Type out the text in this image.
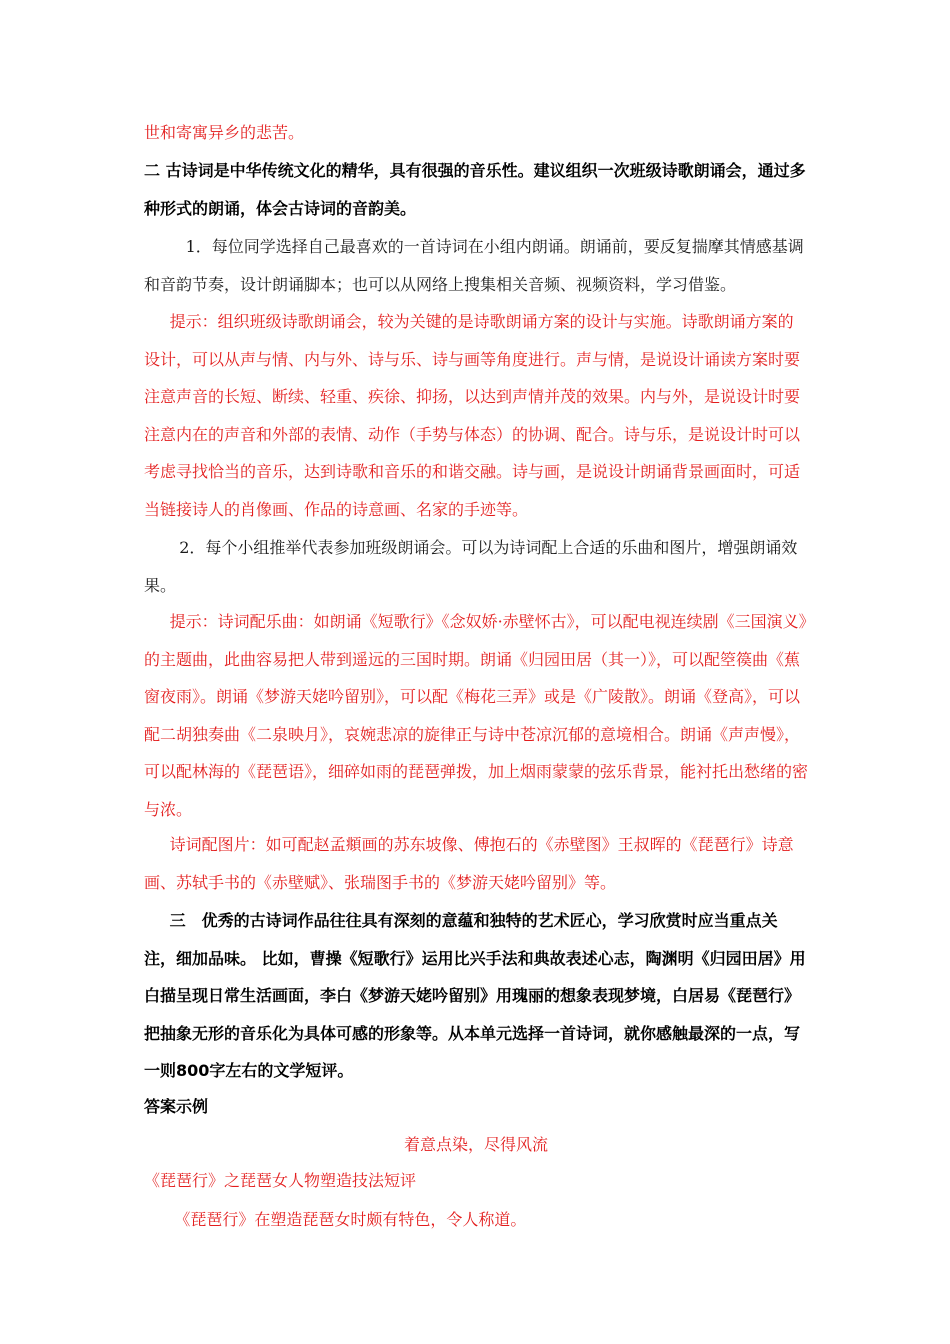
世和寄寓异乡的悲苦。

二 古诗词是中华传统文化的精华，具有很强的音乐性。建议组织一次班级诗歌朗诵会，通过多种形式的朗诵，体会古诗词的音韵美。

1．每位同学选择自己最喜欢的一首诗词在小组内朗诵。朗诵前，要反复揣摩其情感基调和音韵节奏，设计朗诵脚本；也可以从网络上搜集相关音频、视频资料，学习借鉴。

提示：组织班级诗歌朗诵会，较为关键的是诗歌朗诵方案的设计与实施。诗歌朗诵方案的设计，可以从声与情、内与外、诗与乐、诗与画等角度进行。声与情，是说设计诵读方案时要注意声音的长短、断续、轻重、疾徐、抑扬，以达到声情并茂的效果。内与外，是说设计时要注意内在的声音和外部的表情、动作（手势与体态）的协调、配合。诗与乐，是说设计时可以考虑寻找恰当的音乐，达到诗歌和音乐的和谐交融。诗与画，是说设计朗诵背景画面时，可适当链接诗人的肖像画、作品的诗意画、名家的手迹等。

2．每个小组推举代表参加班级朗诵会。可以为诗词配上合适的乐曲和图片，增强朗诵效果。

提示：诗词配乐曲：如朗诵《短歌行》《念奴娇·赤壁怀古》，可以配电视连续剧《三国演义》的主题曲，此曲容易把人带到遥远的三国时期。朗诵《归园田居（其一）》，可以配箜篌曲《蕉窗夜雨》。朗诵《梦游天姥吟留别》，可以配《梅花三弄》或是《广陵散》。朗诵《登高》，可以配二胡独奏曲《二泉映月》，哀婉悲凉的旋律正与诗中苍凉沉郁的意境相合。朗诵《声声慢》，可以配林海的《琵琶语》，细碎如雨的琵琶弹拨，加上烟雨蒙蒙的弦乐背景，能衬托出愁绪的密与浓。

诗词配图片：如可配赵孟頫画的苏东坡像、傅抱石的《赤壁图》王叔晖的《琵琶行》诗意画、苏轼手书的《赤壁赋》、张瑞图手书的《梦游天姥吟留别》等。

三　优秀的古诗词作品往往具有深刻的意蕴和独特的艺术匠心，学习欣赏时应当重点关注，细加品味。 比如，曹操《短歌行》运用比兴手法和典故表述心志，陶渊明《归园田居》用白描呈现日常生活画面，李白《梦游天姥吟留别》用瑰丽的想象表现梦境，白居易《琵琶行》把抽象无形的音乐化为具体可感的形象等。从本单元选择一首诗词，就你感触最深的一点，写一则800字左右的文学短评。

答案示例

着意点染，尽得风流

《琵琶行》之琵琶女人物塑造技法短评

《琵琶行》在塑造琵琶女时颇有特色，令人称道。
